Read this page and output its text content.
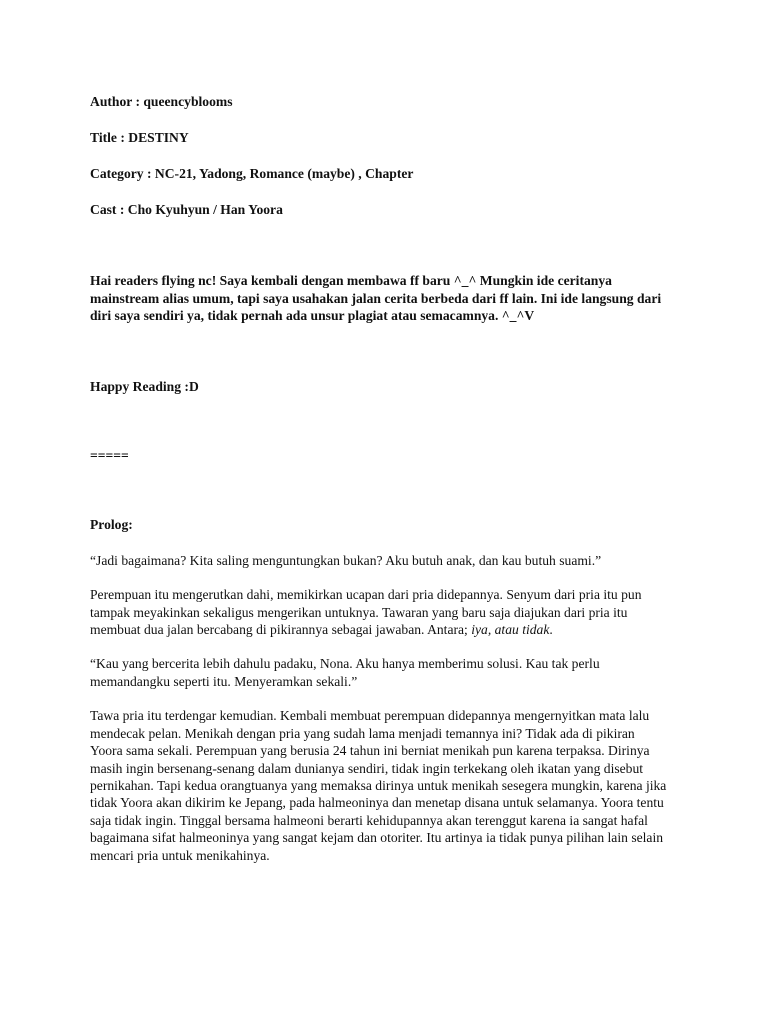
Author : queencyblooms

Title : DESTINY

Category : NC-21, Yadong, Romance (maybe) , Chapter

Cast : Cho Kyuhyun / Han Yoora

Hai readers flying nc! Saya kembali dengan membawa ff baru ^_^ Mungkin ide ceritanya mainstream alias umum, tapi saya usahakan jalan cerita berbeda dari ff lain. Ini ide langsung dari diri saya sendiri ya, tidak pernah ada unsur plagiat atau semacamnya. ^_^V

Happy Reading :D

=====

Prolog:

“Jadi bagaimana? Kita saling menguntungkan bukan? Aku butuh anak, dan kau butuh suami.”

Perempuan itu mengerutkan dahi, memikirkan ucapan dari pria didepannya. Senyum dari pria itu pun tampak meyakinkan sekaligus mengerikan untuknya. Tawaran yang baru saja diajukan dari pria itu membuat dua jalan bercabang di pikirannya sebagai jawaban. Antara; iya, atau tidak.

“Kau yang bercerita lebih dahulu padaku, Nona. Aku hanya memberimu solusi. Kau tak perlu memandangku seperti itu. Menyeramkan sekali.”

Tawa pria itu terdengar kemudian. Kembali membuat perempuan didepannya mengernyitkan mata lalu mendecak pelan. Menikah dengan pria yang sudah lama menjadi temannya ini? Tidak ada di pikiran Yoora sama sekali. Perempuan yang berusia 24 tahun ini berniat menikah pun karena terpaksa. Dirinya masih ingin bersenang-senang dalam dunianya sendiri, tidak ingin terkekang oleh ikatan yang disebut pernikahan. Tapi kedua orangtuanya yang memaksa dirinya untuk menikah sesegera mungkin, karena jika tidak Yoora akan dikirim ke Jepang, pada halmeoninya dan menetap disana untuk selamanya. Yoora tentu saja tidak ingin. Tinggal bersama halmeoni berarti kehidupannya akan terenggut karena ia sangat hafal bagaimana sifat halmeoninya yang sangat kejam dan otoriter. Itu artinya ia tidak punya pilihan lain selain mencari pria untuk menikahinya.
